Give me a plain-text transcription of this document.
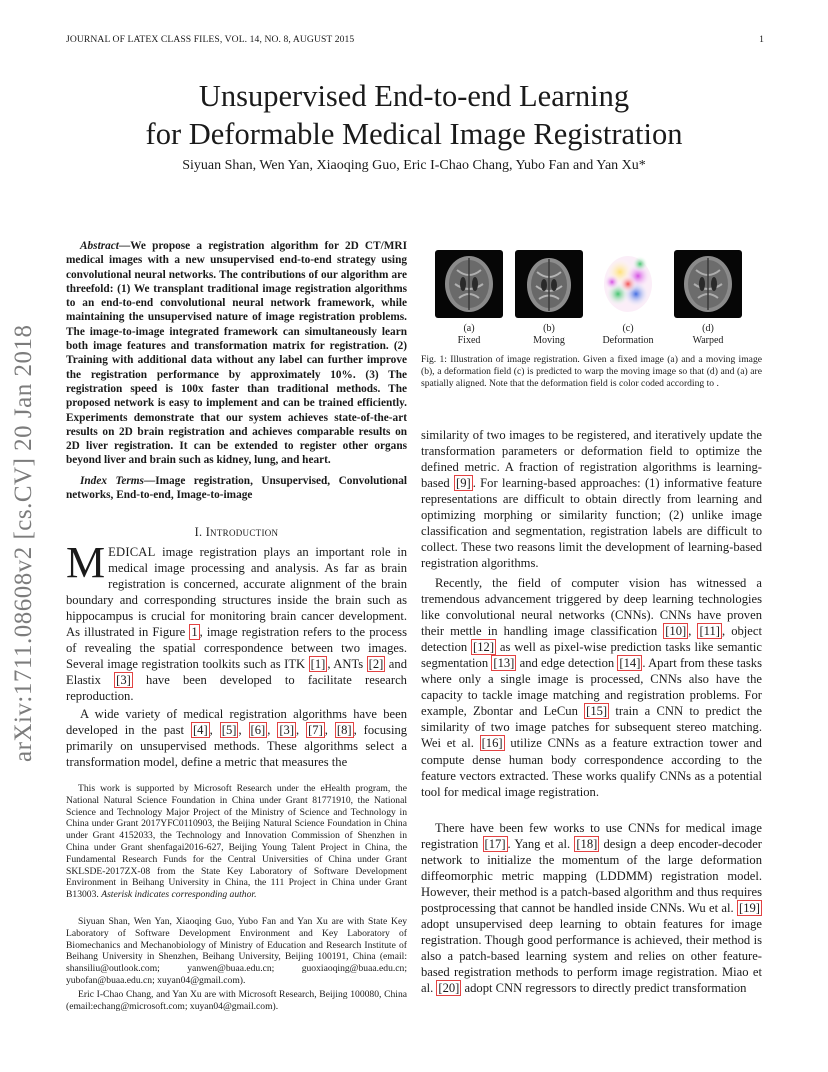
JOURNAL OF LATEX CLASS FILES, VOL. 14, NO. 8, AUGUST 2015	1
Unsupervised End-to-end Learning
for Deformable Medical Image Registration
Siyuan Shan, Wen Yan, Xiaoqing Guo, Eric I-Chao Chang, Yubo Fan and Yan Xu*
arXiv:1711.08608v2 [cs.CV] 20 Jan 2018
Abstract—We propose a registration algorithm for 2D CT/MRI medical images with a new unsupervised end-to-end strategy using convolutional neural networks. The contributions of our algorithm are threefold: (1) We transplant traditional image registration algorithms to an end-to-end convolutional neural network framework, while maintaining the unsupervised nature of image registration problems. The image-to-image integrated framework can simultaneously learn both image features and transformation matrix for registration. (2) Training with additional data without any label can further improve the registration performance by approximately 10%. (3) The registration speed is 100x faster than traditional methods. The proposed network is easy to implement and can be trained efficiently. Experiments demonstrate that our system achieves state-of-the-art results on 2D brain registration and achieves comparable results on 2D liver registration. It can be extended to register other organs beyond liver and brain such as kidney, lung, and heart.
Index Terms—Image registration, Unsupervised, Convolutional networks, End-to-end, Image-to-image
I. Introduction
MEDICAL image registration plays an important role in medical image processing and analysis. As far as brain registration is concerned, accurate alignment of the brain boundary and corresponding structures inside the brain such as hippocampus is crucial for monitoring brain cancer development. As illustrated in Figure 1 , image registration refers to the process of revealing the spatial correspondence between two images. Several image registration toolkits such as ITK [1] , ANTs [2] and Elastix [3] have been developed to facilitate research reproduction.
A wide variety of medical registration algorithms have been developed in the past [4] , [5] , [6] , [3] , [7] , [8] , focusing primarily on unsupervised methods. These algorithms select a transformation model, define a metric that measures the
This work is supported by Microsoft Research under the eHealth program, the National Natural Science Foundation in China under Grant 81771910, the National Science and Technology Major Project of the Ministry of Science and Technology in China under Grant 2017YFC0110903, the Beijing Natural Science Foundation in China under Grant 4152033, the Technology and Innovation Commission of Shenzhen in China under Grant shenfagai2016-627, Beijing Young Talent Project in China, the Fundamental Research Funds for the Central Universities of China under Grant SKLSDE-2017ZX-08 from the State Key Laboratory of Software Development Environment in Beihang University in China, the 111 Project in China under Grant B13003. Asterisk indicates corresponding author.
Siyuan Shan, Wen Yan, Xiaoqing Guo, Yubo Fan and Yan Xu are with State Key Laboratory of Software Development Environment and Key Laboratory of Biomechanics and Mechanobiology of Ministry of Education and Research Institute of Beihang University in Shenzhen, Beihang University, Beijing 100191, China (email: shansiliu@outlook.com; yanwen@buaa.edu.cn; guoxiaoqing@buaa.edu.cn; yubofan@buaa.edu.cn; xuyan04@gmail.com).
Eric I-Chao Chang, and Yan Xu are with Microsoft Research, Beijing 100080, China (email:echang@microsoft.com; xuyan04@gmail.com).
(a)
Fixed
(b)
Moving
(c)
Deformation
(d)
Warped
Fig. 1: Illustration of image registration. Given a fixed image (a) and a moving image (b), a deformation field (c) is predicted to warp the moving image so that (d) and (a) are spatially aligned. Note that the deformation field is color coded according to .
similarity of two images to be registered, and iteratively update the transformation parameters or deformation field to optimize the defined metric. A fraction of registration algorithms is learning-based [9] . For learning-based approaches: (1) informative feature representations are difficult to obtain directly from learning and optimizing morphing or similarity function; (2) unlike image classification and segmentation, registration labels are difficult to collect. These two reasons limit the development of learning-based registration algorithms.
Recently, the field of computer vision has witnessed a tremendous advancement triggered by deep learning technologies like convolutional neural networks (CNNs). CNNs have proven their mettle in handling image classification [10] , [11] , object detection [12] as well as pixel-wise prediction tasks like semantic segmentation [13] and edge detection [14] . Apart from these tasks where only a single image is processed, CNNs also have the capacity to tackle image matching and registration problems. For example, Zbontar and LeCun [15] train a CNN to predict the similarity of two image patches for subsequent stereo matching. Wei et al. [16] utilize CNNs as a feature extraction tower and compute dense human body correspondence according to the feature vectors extracted. These works qualify CNNs as a potential tool for medical image registration.
There have been few works to use CNNs for medical image registration [17] . Yang et al. [18] design a deep encoder-decoder network to initialize the momentum of the large deformation diffeomorphic metric mapping (LDDMM) registration model. However, their method is a patch-based algorithm and thus requires postprocessing that cannot be handled inside CNNs. Wu et al. [19] adopt unsupervised deep learning to obtain features for image registration. Though good performance is achieved, their method is also a patch-based learning system and relies on other feature-based registration methods to perform image registration. Miao et al. [20] adopt CNN regressors to directly predict transformation
